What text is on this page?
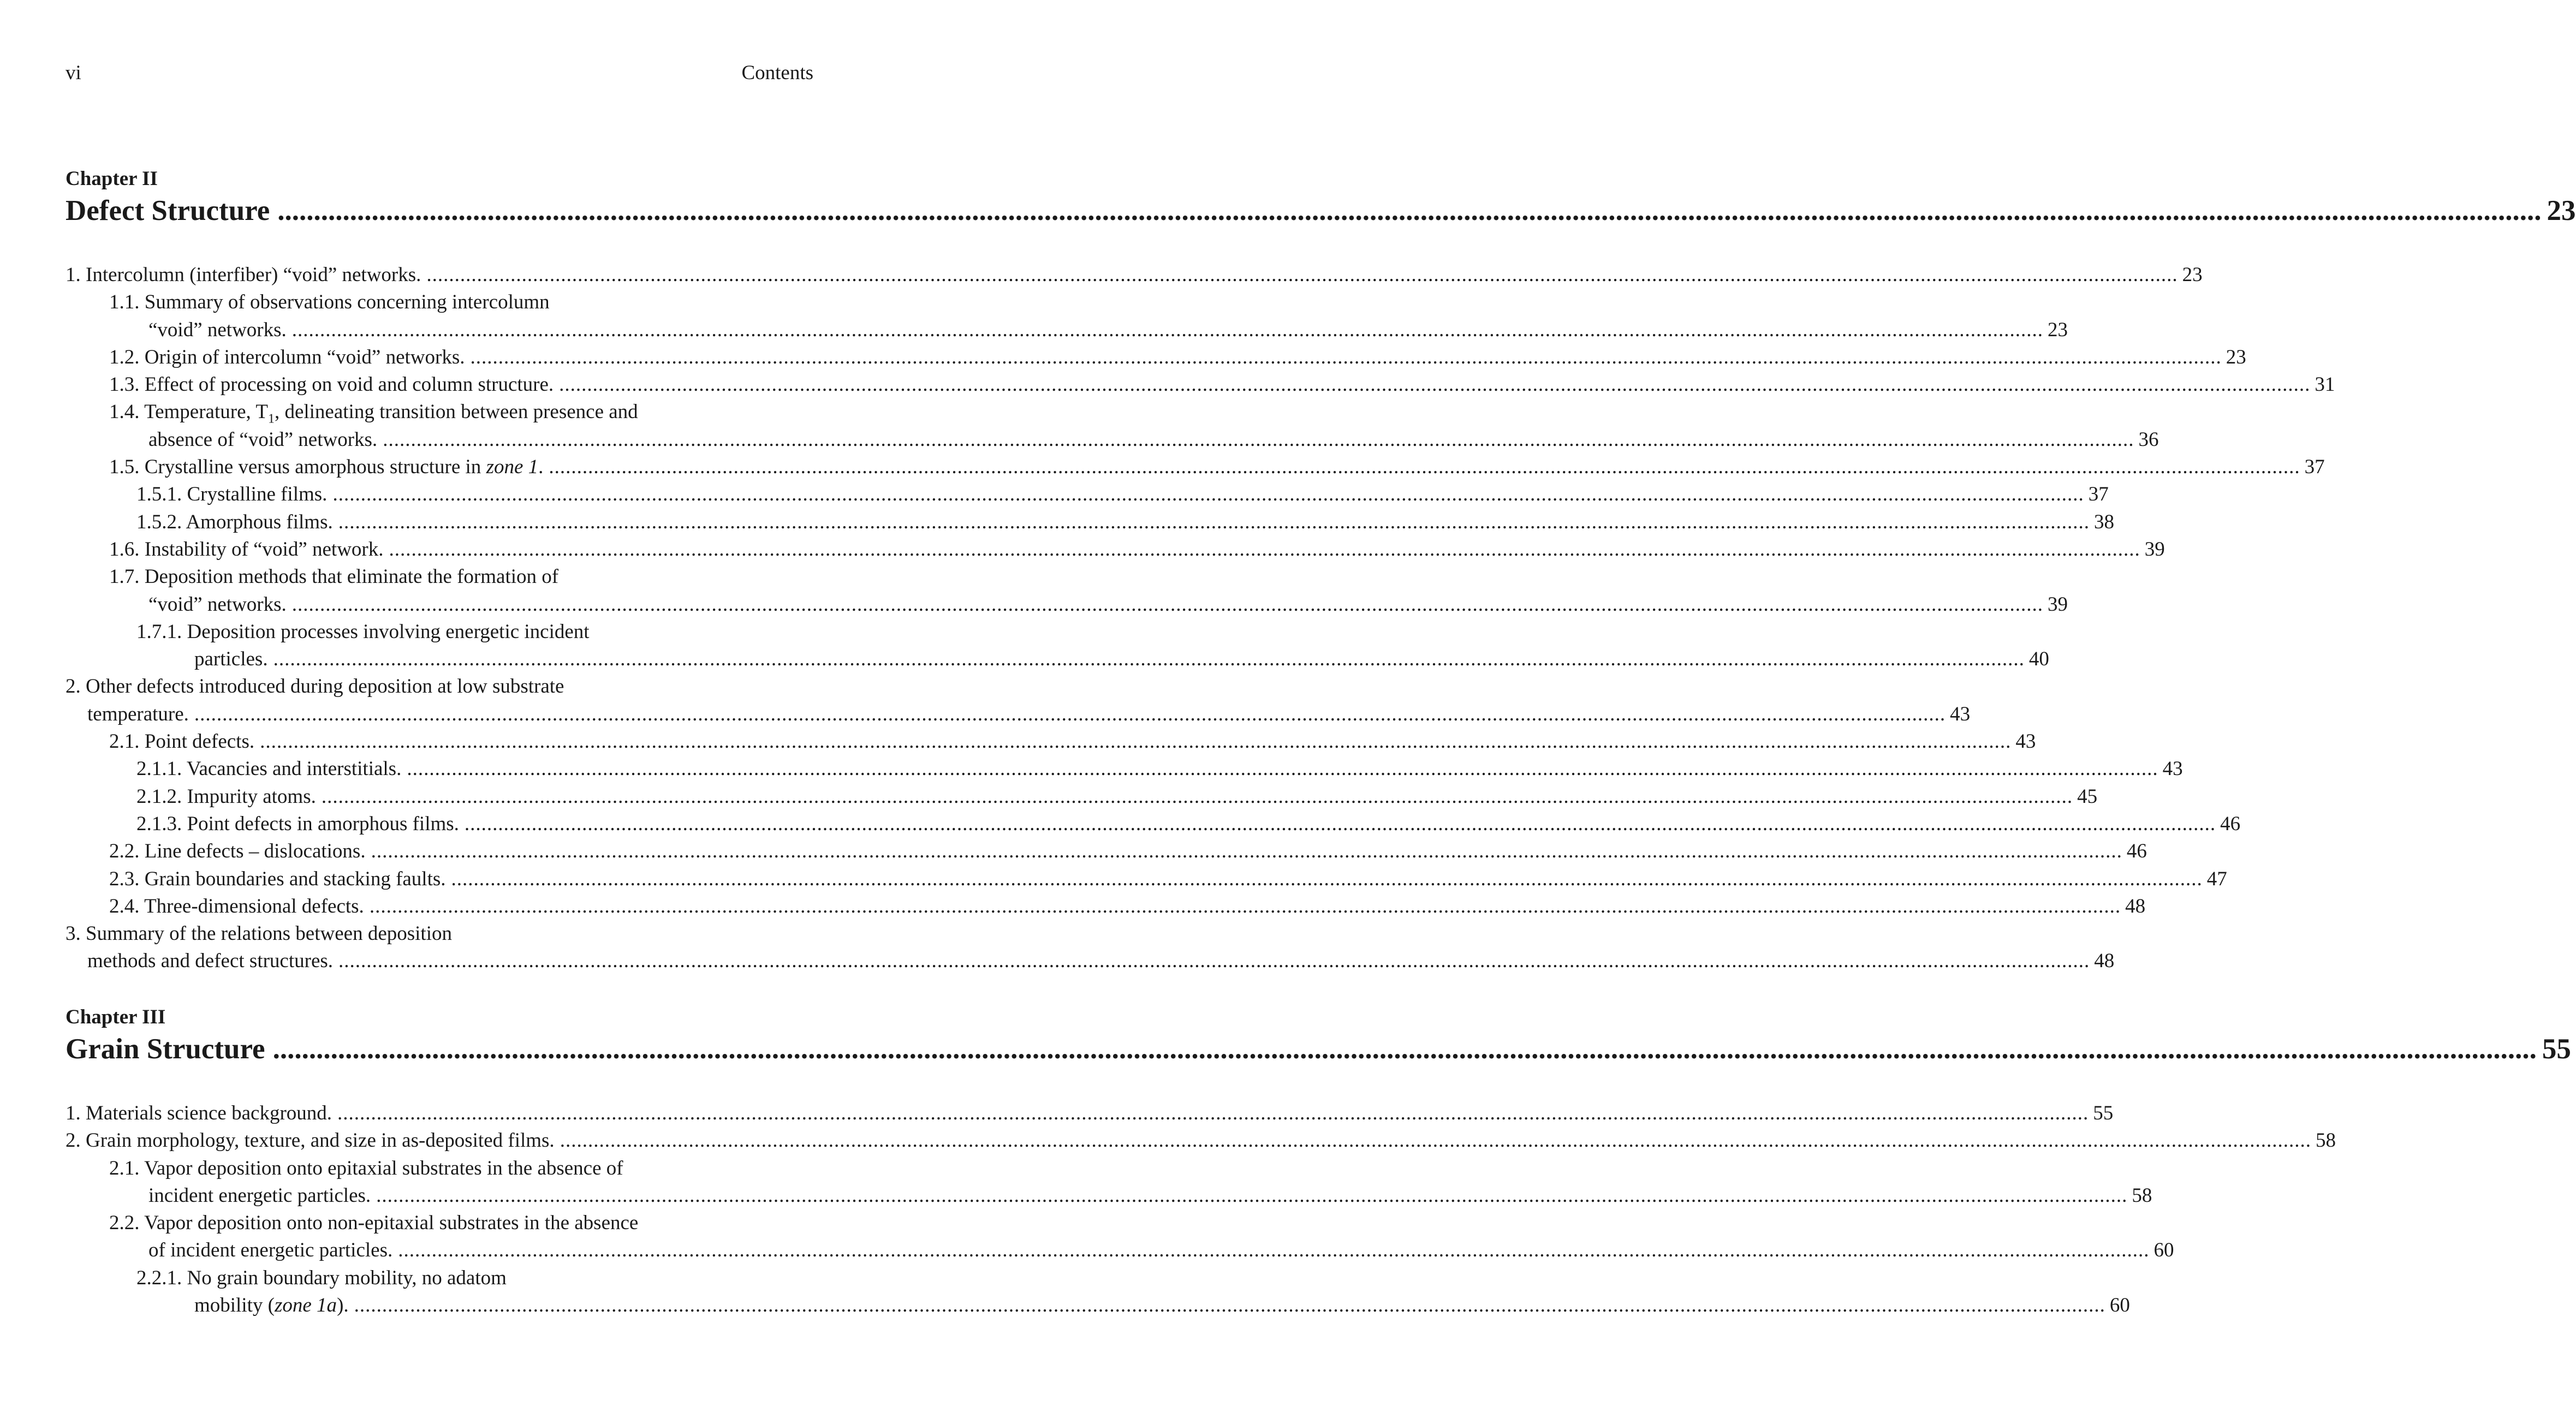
vi	Contents
Chapter II
Defect Structure ......................................................................................................................................................................................................................................................................................................................... 23
1. Intercolumn (interfiber) “void” networks. ......................................................................................................................................................................................................................................................................................................................... 23
1.1. Summary of observations concerning intercolumn
“void” networks. ......................................................................................................................................................................................................................................................................................................................... 23
1.2. Origin of intercolumn “void” networks. ......................................................................................................................................................................................................................................................................................................................... 23
1.3. Effect of processing on void and column structure. ......................................................................................................................................................................................................................................................................................................................... 31
1.4. Temperature, $T_1$, delineating transition between presence and
absence of “void” networks. ......................................................................................................................................................................................................................................................................................................................... 36
1.5. Crystalline versus amorphous structure in zone 1. ......................................................................................................................................................................................................................................................................................................................... 37
1.5.1. Crystalline films. ......................................................................................................................................................................................................................................................................................................................... 37
1.5.2. Amorphous films. ......................................................................................................................................................................................................................................................................................................................... 38
1.6. Instability of “void” network. ......................................................................................................................................................................................................................................................................................................................... 39
1.7. Deposition methods that eliminate the formation of
“void” networks. ......................................................................................................................................................................................................................................................................................................................... 39
1.7.1. Deposition processes involving energetic incident
particles. ......................................................................................................................................................................................................................................................................................................................... 40
2. Other defects introduced during deposition at low substrate
temperature. ......................................................................................................................................................................................................................................................................................................................... 43
2.1. Point defects. ......................................................................................................................................................................................................................................................................................................................... 43
2.1.1. Vacancies and interstitials. ......................................................................................................................................................................................................................................................................................................................... 43
2.1.2. Impurity atoms. ......................................................................................................................................................................................................................................................................................................................... 45
2.1.3. Point defects in amorphous films. ......................................................................................................................................................................................................................................................................................................................... 46
2.2. Line defects – dislocations. ......................................................................................................................................................................................................................................................................................................................... 46
2.3. Grain boundaries and stacking faults. ......................................................................................................................................................................................................................................................................................................................... 47
2.4. Three-dimensional defects. ......................................................................................................................................................................................................................................................................................................................... 48
3. Summary of the relations between deposition
methods and defect structures. ......................................................................................................................................................................................................................................................................................................................... 48
Chapter III
Grain Structure ......................................................................................................................................................................................................................................................................................................................... 55
1. Materials science background. ......................................................................................................................................................................................................................................................................................................................... 55
2. Grain morphology, texture, and size in as-deposited films. ......................................................................................................................................................................................................................................................................................................................... 58
2.1. Vapor deposition onto epitaxial substrates in the absence of
incident energetic particles. ......................................................................................................................................................................................................................................................................................................................... 58
2.2. Vapor deposition onto non-epitaxial substrates in the absence
of incident energetic particles. ......................................................................................................................................................................................................................................................................................................................... 60
2.2.1. No grain boundary mobility, no adatom
mobility (zone 1a). ......................................................................................................................................................................................................................................................................................................................... 60
